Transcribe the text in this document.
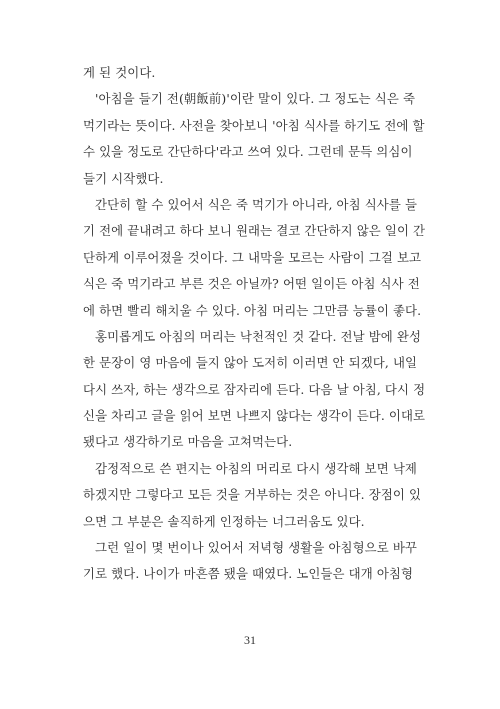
게 된 것이다.
'아침을 들기 전(朝飯前)'이란 말이 있다. 그 정도는 식은 죽
먹기라는 뜻이다. 사전을 찾아보니 '아침 식사를 하기도 전에 할
수 있을 정도로 간단하다'라고 쓰여 있다. 그런데 문득 의심이
들기 시작했다.
간단히 할 수 있어서 식은 죽 먹기가 아니라, 아침 식사를 들
기 전에 끝내려고 하다 보니 원래는 결코 간단하지 않은 일이 간
단하게 이루어졌을 것이다. 그 내막을 모르는 사람이 그걸 보고
식은 죽 먹기라고 부른 것은 아닐까? 어떤 일이든 아침 식사 전
에 하면 빨리 해치울 수 있다. 아침 머리는 그만큼 능률이 좋다.
홍미롭게도 아침의 머리는 낙천적인 것 같다. 전날 밤에 완성
한 문장이 영 마음에 들지 않아 도저히 이러면 안 되겠다, 내일
다시 쓰자, 하는 생각으로 잠자리에 든다. 다음 날 아침, 다시 정
신을 차리고 글을 읽어 보면 나쁘지 않다는 생각이 든다. 이대로
됐다고 생각하기로 마음을 고쳐먹는다.
감정적으로 쓴 편지는 아침의 머리로 다시 생각해 보면 낙제
하겠지만 그렇다고 모든 것을 거부하는 것은 아니다. 장점이 있
으면 그 부분은 솔직하게 인정하는 너그러움도 있다.
그런 일이 몇 번이나 있어서 저녁형 생활을 아침형으로 바꾸
기로 했다. 나이가 마흔쯤 됐을 때였다. 노인들은 대개 아침형
31
